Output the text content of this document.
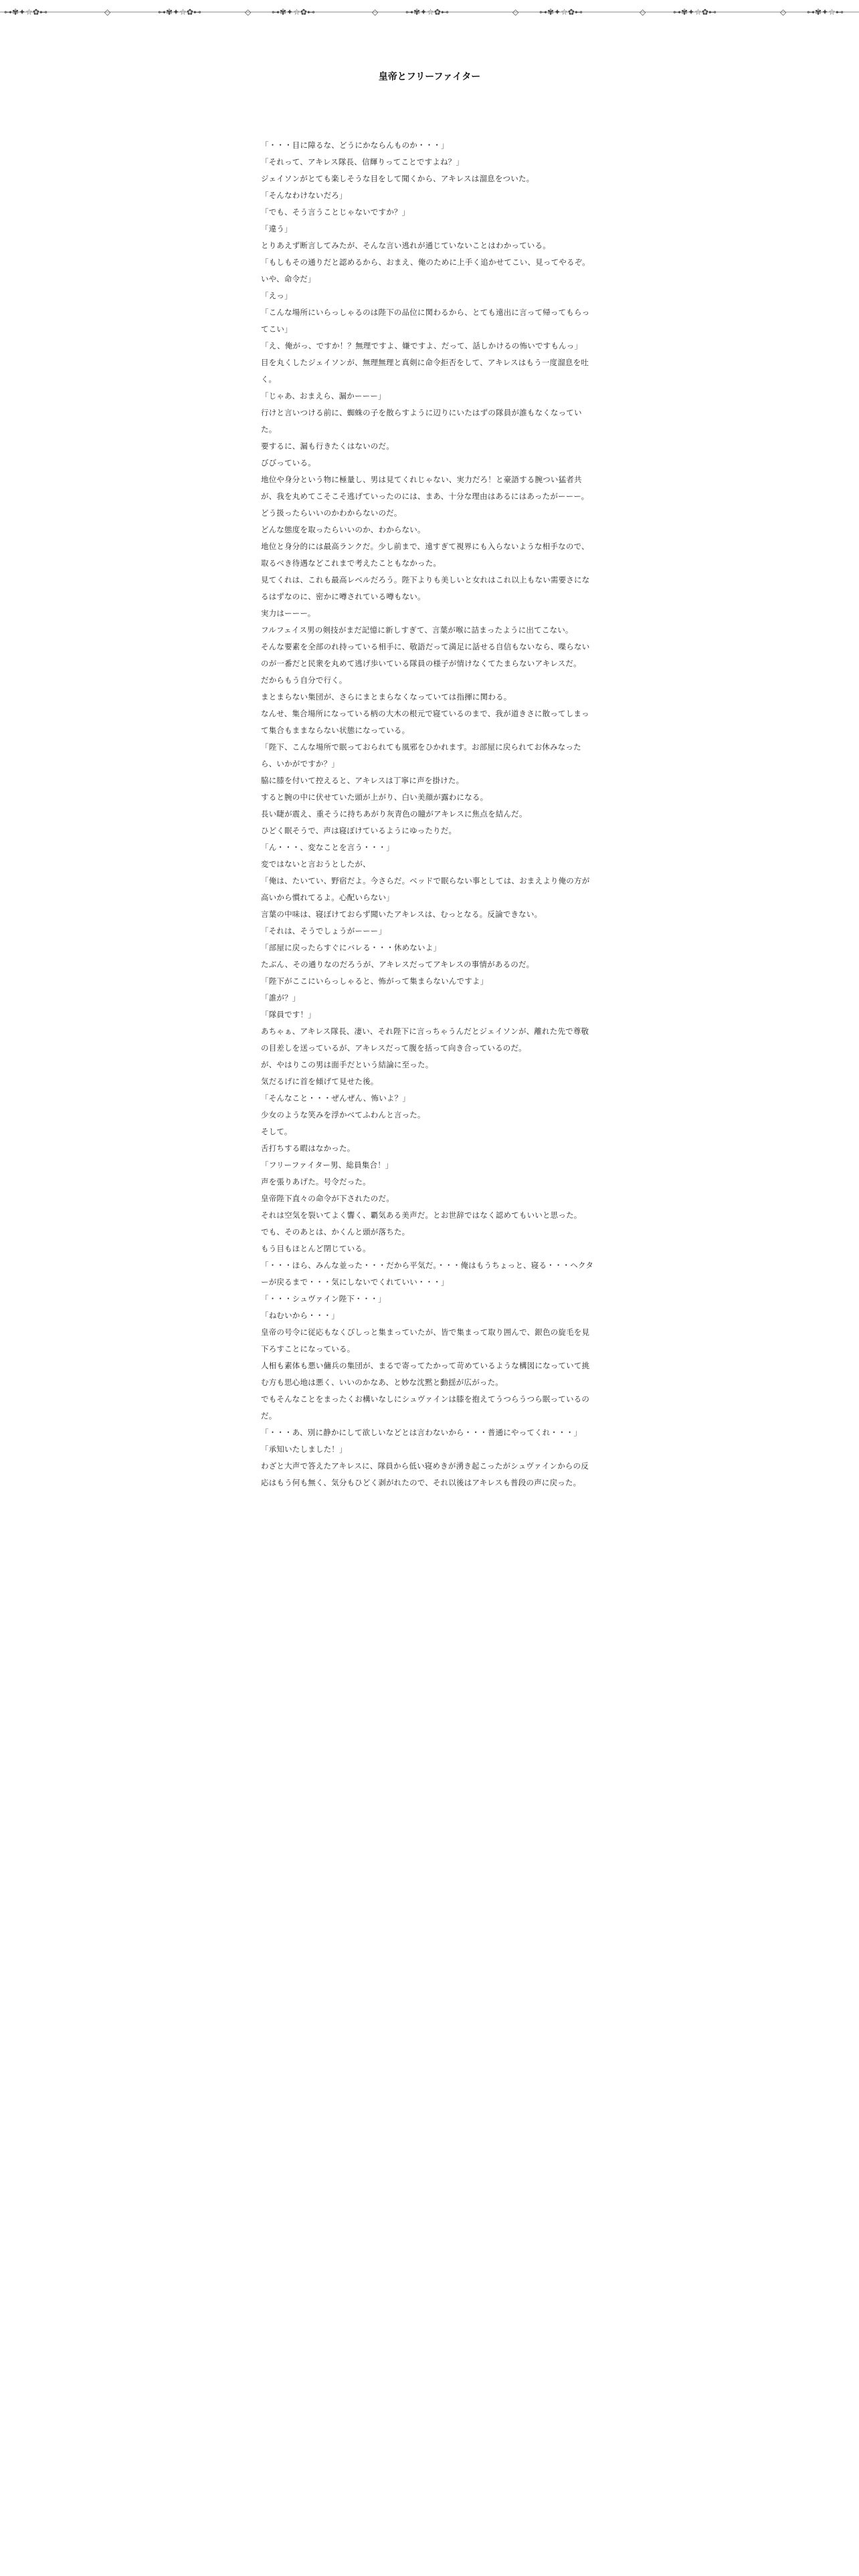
⊶✾✦☆✿⊷	◇	⊶✾✦☆✿⊷	◇	⊶✾✦☆✿⊷	◇	⊶✾✦☆✿⊷	◇	⊶✾✦☆✿⊷	◇	⊶✾✦☆✿⊷	◇	⊶✾✦☆⊷
皇帝とフリーファイター

「・・・目に障るな、どうにかならんものか・・・」

「それって、アキレス隊長、信輝りってことですよね？」

ジェイソンがとても楽しそうな目をして聞くから、アキレスは溜息をついた。

「そんなわけないだろ」

「でも、そう言うことじゃないですか？」

「違う」

とりあえず断言してみたが、そんな言い逃れが通じていないことはわかっている。

「もしもその通りだと認めるから、おまえ、俺のために上手く追かせてこい、見ってやるぞ。いや、命令だ」

「えっ」

「こんな場所にいらっしゃるのは陛下の品位に関わるから、とても遠出に言って帰ってもらってこい」

「え、俺がっ、ですか！？無理ですよ、嫌ですよ、だって、話しかけるの怖いですもんっ」

目を丸くしたジェイソンが、無理無理と真剣に命令拒否をして、アキレスはもう一度溜息を吐く。

「じゃあ、おまえら、漏かーーー」

行けと言いつける前に、蜘蛛の子を散らすように辺りにいたはずの隊員が誰もなくなっていた。

要するに、漏も行きたくはないのだ。

びびっている。

地位や身分という物に極量し、男は見てくれじゃない、実力だろ！と豪語する腕つい猛者共が、我を丸めてこそこそ逃げていったのには、まあ、十分な理由はあるにはあったがーーー。

どう扱ったらいいのかわからないのだ。

どんな態度を取ったらいいのか、わからない。

地位と身分的には最高ランクだ。少し前まで、遠すぎて視界にも入らないような相手なので、取るべき待遇などこれまで考えたこともなかった。

見てくれは、これも最高レベルだろう。陛下よりも美しいと女れはこれ以上もない需要さになるはずなのに、密かに噂されている噂もない。

実力はーーー。

フルフェイス男の剣技がまだ記憶に新しすぎて、言葉が喉に詰まったように出てこない。

そんな要素を全部のれ持っている相手に、敬語だって満足に話せる自信もないなら、喋らないのが一番だと民衆を丸めて逃げ歩いている隊員の様子が情けなくてたまらないアキレスだ。

だからもう自分で行く。

まとまらない集団が、さらにまとまらなくなっていては指揮に関わる。

なんせ、集合場所になっている柄の大木の根元で寝ているのまで、我が道きさに散ってしまって集合もままならない状態になっている。

「陛下、こんな場所で眠っておられても風邪をひかれます。お部屋に戻られてお休みなったら、いかがですか？」

脇に膝を付いて控えると、アキレスは丁寧に声を掛けた。

すると腕の中に伏せていた頭が上がり、白い美顔が露わになる。

長い睫が震え、重そうに持ちあがり灰青色の瞳がアキレスに焦点を結んだ。

ひどく眠そうで、声は寝ぼけているようにゆったりだ。

「ん・・・、変なことを言う・・・」

変ではないと言おうとしたが、

「俺は、たいてい、野宿だよ。今さらだ。ベッドで眠らない事としては、おまえより俺の方が高いから慣れてるよ。心配いらない」

言葉の中味は、寝ぼけておらず聞いたアキレスは、むっとなる。反論できない。

「それは、そうでしょうがーーー」

「部屋に戻ったらすぐにバレる・・・休めないよ」

たぶん、その通りなのだろうが、アキレスだってアキレスの事情があるのだ。

「陛下がここにいらっしゃると、怖がって集まらないんですよ」

「誰が？」

「隊員です！」

あちゃぁ、アキレス隊長、凄い、それ陛下に言っちゃうんだとジェイソンが、離れた先で尊敬の目差しを送っているが、アキレスだって腹を括って向き合っているのだ。

が、やはりこの男は面手だという結論に至った。

気だるげに首を傾げて見せた後。

「そんなこと・・・ぜんぜん、怖いよ？」

少女のような笑みを浮かべてふわんと言った。

そして。

舌打ちする暇はなかった。

「フリーファイター男、総員集合！」

声を張りあげた。号令だった。

皇帝陛下直々の命令が下されたのだ。

それは空気を裂いてよく響く、覇気ある美声だ。とお世辞ではなく認めてもいいと思った。

でも、そのあとは、かくんと頭が落ちた。

もう目もほとんど閉じている。

「・・・ほら、みんな並った・・・だから平気だ。・・・俺はもうちょっと、寝る・・・ヘクターが戻るまで・・・気にしないでくれていい・・・」

「・・・シュヴァイン陛下・・・」

「ねむいから・・・」

皇帝の号令に従応もなくびしっと集まっていたが、皆で集まって取り囲んで、銀色の旋毛を見下ろすことになっている。

人相も素体も悪い傭兵の集団が、まるで寄ってたかって苛めているような構図になっていて挑む方も思心地は悪く、いいのかなあ、と妙な沈黙と動揺が広がった。

でもそんなことをまったくお構いなしにシュヴァインは膝を抱えてうつらうつら眠っているのだ。

「・・・あ、別に静かにして欲しいなどとは言わないから・・・普通にやってくれ・・・」

「承知いたしました！」

わざと大声で答えたアキレスに、隊員から低い寝めきが湧き起こったがシュヴァインからの反応はもう何も無く、気分もひどく剥がれたので、それ以後はアキレスも普段の声に戻った。
